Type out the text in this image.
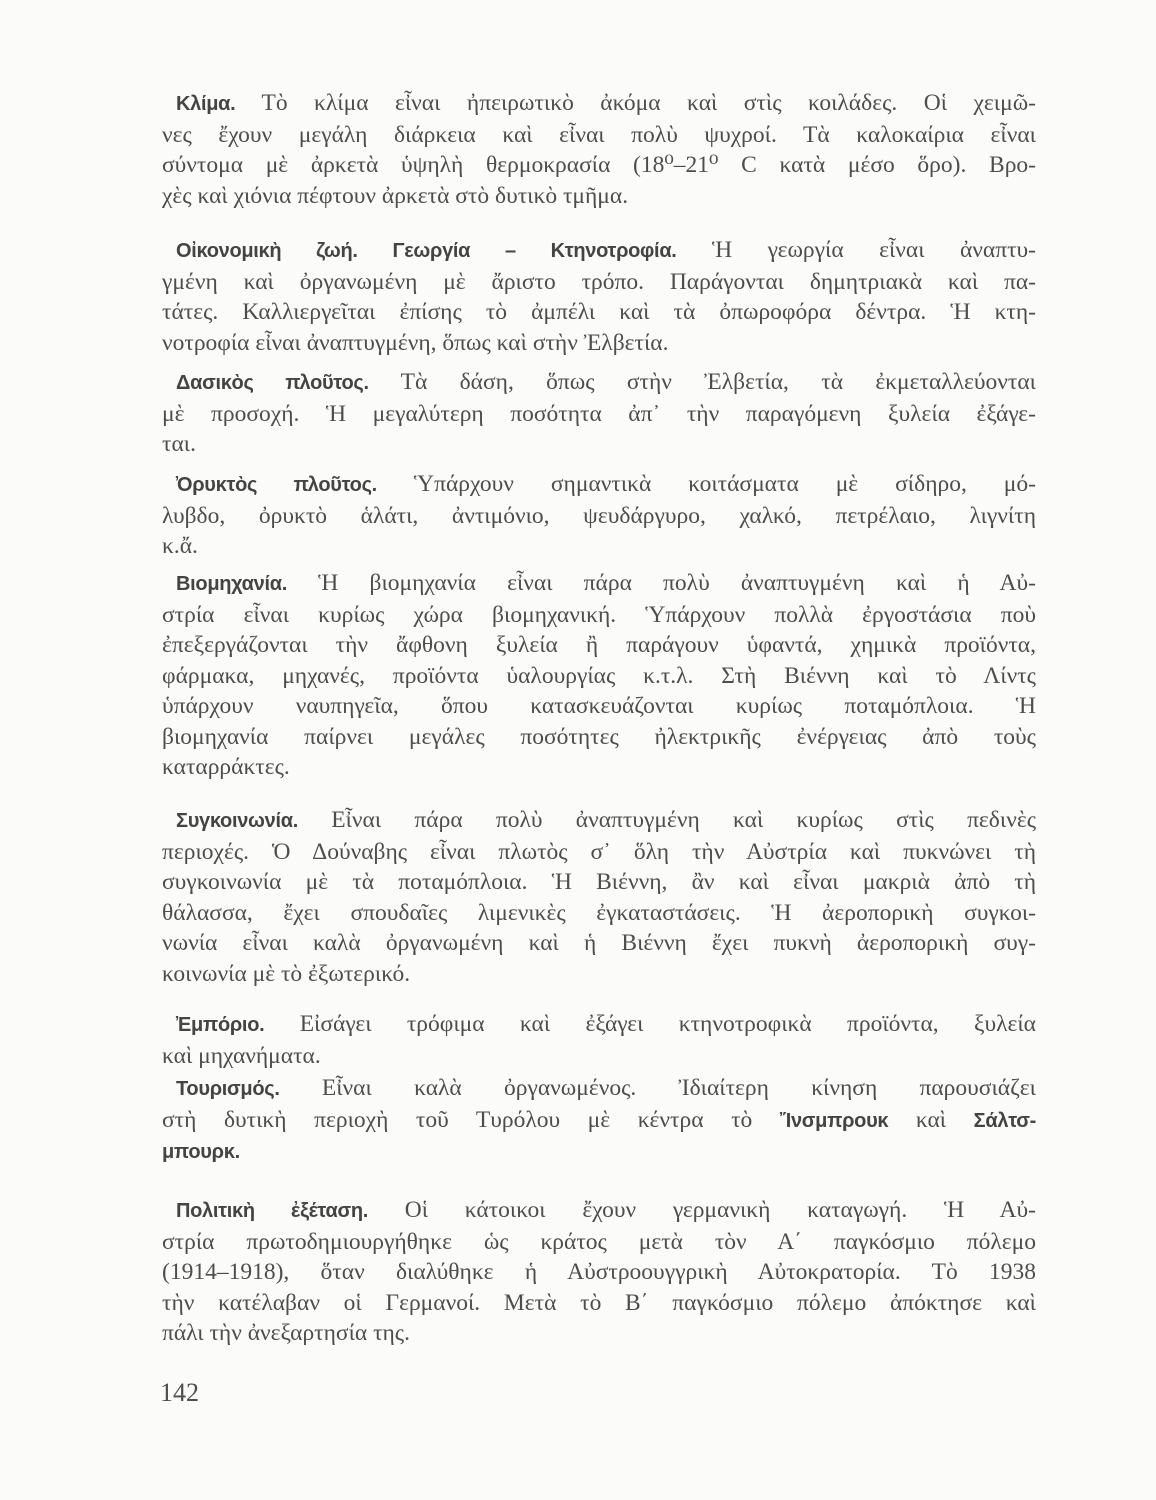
Κλίμα. Τὸ κλίμα εἶναι ἠπειρωτικὸ ἀκόμα καὶ στὶς κοιλάδες. Οἱ χειμῶ-
νες ἔχουν μεγάλη διάρκεια καὶ εἶναι πολὺ ψυχροί. Τὰ καλοκαίρια εἶναι
σύντομα μὲ ἀρκετὰ ὑψηλὴ θερμοκρασία (18⁰–21⁰ C κατὰ μέσο ὅρο). Βρο-
χὲς καὶ χιόνια πέφτουν ἀρκετὰ στὸ δυτικὸ τμῆμα.
Οἰκονομικὴ ζωή. Γεωργία – Κτηνοτροφία. Ἡ γεωργία εἶναι ἀναπτυ-
γμένη καὶ ὀργανωμένη μὲ ἄριστο τρόπο. Παράγονται δημητριακὰ καὶ πα-
τάτες. Καλλιεργεῖται ἐπίσης τὸ ἀμπέλι καὶ τὰ ὀπωροφόρα δέντρα. Ἡ κτη-
νοτροφία εἶναι ἀναπτυγμένη, ὅπως καὶ στὴν Ἐλβετία.
Δασικὸς πλοῦτος. Τὰ δάση, ὅπως στὴν Ἐλβετία, τὰ ἐκμεταλλεύονται
μὲ προσοχή. Ἡ μεγαλύτερη ποσότητα ἀπ᾽ τὴν παραγόμενη ξυλεία ἐξάγε-
ται.
Ὀρυκτὸς πλοῦτος. Ὑπάρχουν σημαντικὰ κοιτάσματα μὲ σίδηρο, μό-
λυβδο, ὀρυκτὸ ἁλάτι, ἀντιμόνιο, ψευδάργυρο, χαλκό, πετρέλαιο, λιγνίτη
κ.ἄ.
Βιομηχανία. Ἡ βιομηχανία εἶναι πάρα πολὺ ἀναπτυγμένη καὶ ἡ Αὐ-
στρία εἶναι κυρίως χώρα βιομηχανική. Ὑπάρχουν πολλὰ ἐργοστάσια ποὺ
ἐπεξεργάζονται τὴν ἄφθονη ξυλεία ἢ παράγουν ὑφαντά, χημικὰ προϊόντα,
φάρμακα, μηχανές, προϊόντα ὑαλουργίας κ.τ.λ. Στὴ Βιέννη καὶ τὸ Λίντς
ὑπάρχουν ναυπηγεῖα, ὅπου κατασκευάζονται κυρίως ποταμόπλοια. Ἡ
βιομηχανία παίρνει μεγάλες ποσότητες ἠλεκτρικῆς ἐνέργειας ἀπὸ τοὺς
καταρράκτες.
Συγκοινωνία. Εἶναι πάρα πολὺ ἀναπτυγμένη καὶ κυρίως στὶς πεδινὲς
περιοχές. Ὁ Δούναβης εἶναι πλωτὸς σ᾽ ὅλη τὴν Αὐστρία καὶ πυκνώνει τὴ
συγκοινωνία μὲ τὰ ποταμόπλοια. Ἡ Βιέννη, ἂν καὶ εἶναι μακριὰ ἀπὸ τὴ
θάλασσα, ἔχει σπουδαῖες λιμενικὲς ἐγκαταστάσεις. Ἡ ἀεροπορικὴ συγκοι-
νωνία εἶναι καλὰ ὀργανωμένη καὶ ἡ Βιέννη ἔχει πυκνὴ ἀεροπορικὴ συγ-
κοινωνία μὲ τὸ ἐξωτερικό.
Ἐμπόριο. Εἰσάγει τρόφιμα καὶ ἐξάγει κτηνοτροφικὰ προϊόντα, ξυλεία
καὶ μηχανήματα.
Τουρισμός. Εἶναι καλὰ ὀργανωμένος. Ἰδιαίτερη κίνηση παρουσιάζει
στὴ δυτικὴ περιοχὴ τοῦ Τυρόλου μὲ κέντρα τὸ Ἴνσμπρουκ καὶ Σάλτσ-
μπουρκ.
Πολιτικὴ ἐξέταση. Οἱ κάτοικοι ἔχουν γερμανικὴ καταγωγή. Ἡ Αὐ-
στρία πρωτοδημιουργήθηκε ὡς κράτος μετὰ τὸν Α΄ παγκόσμιο πόλεμο
(1914–1918), ὅταν διαλύθηκε ἡ Αὐστροουγγρικὴ Αὐτοκρατορία. Τὸ 1938
τὴν κατέλαβαν οἱ Γερμανοί. Μετὰ τὸ Β΄ παγκόσμιο πόλεμο ἀπόκτησε καὶ
πάλι τὴν ἀνεξαρτησία της.
142
